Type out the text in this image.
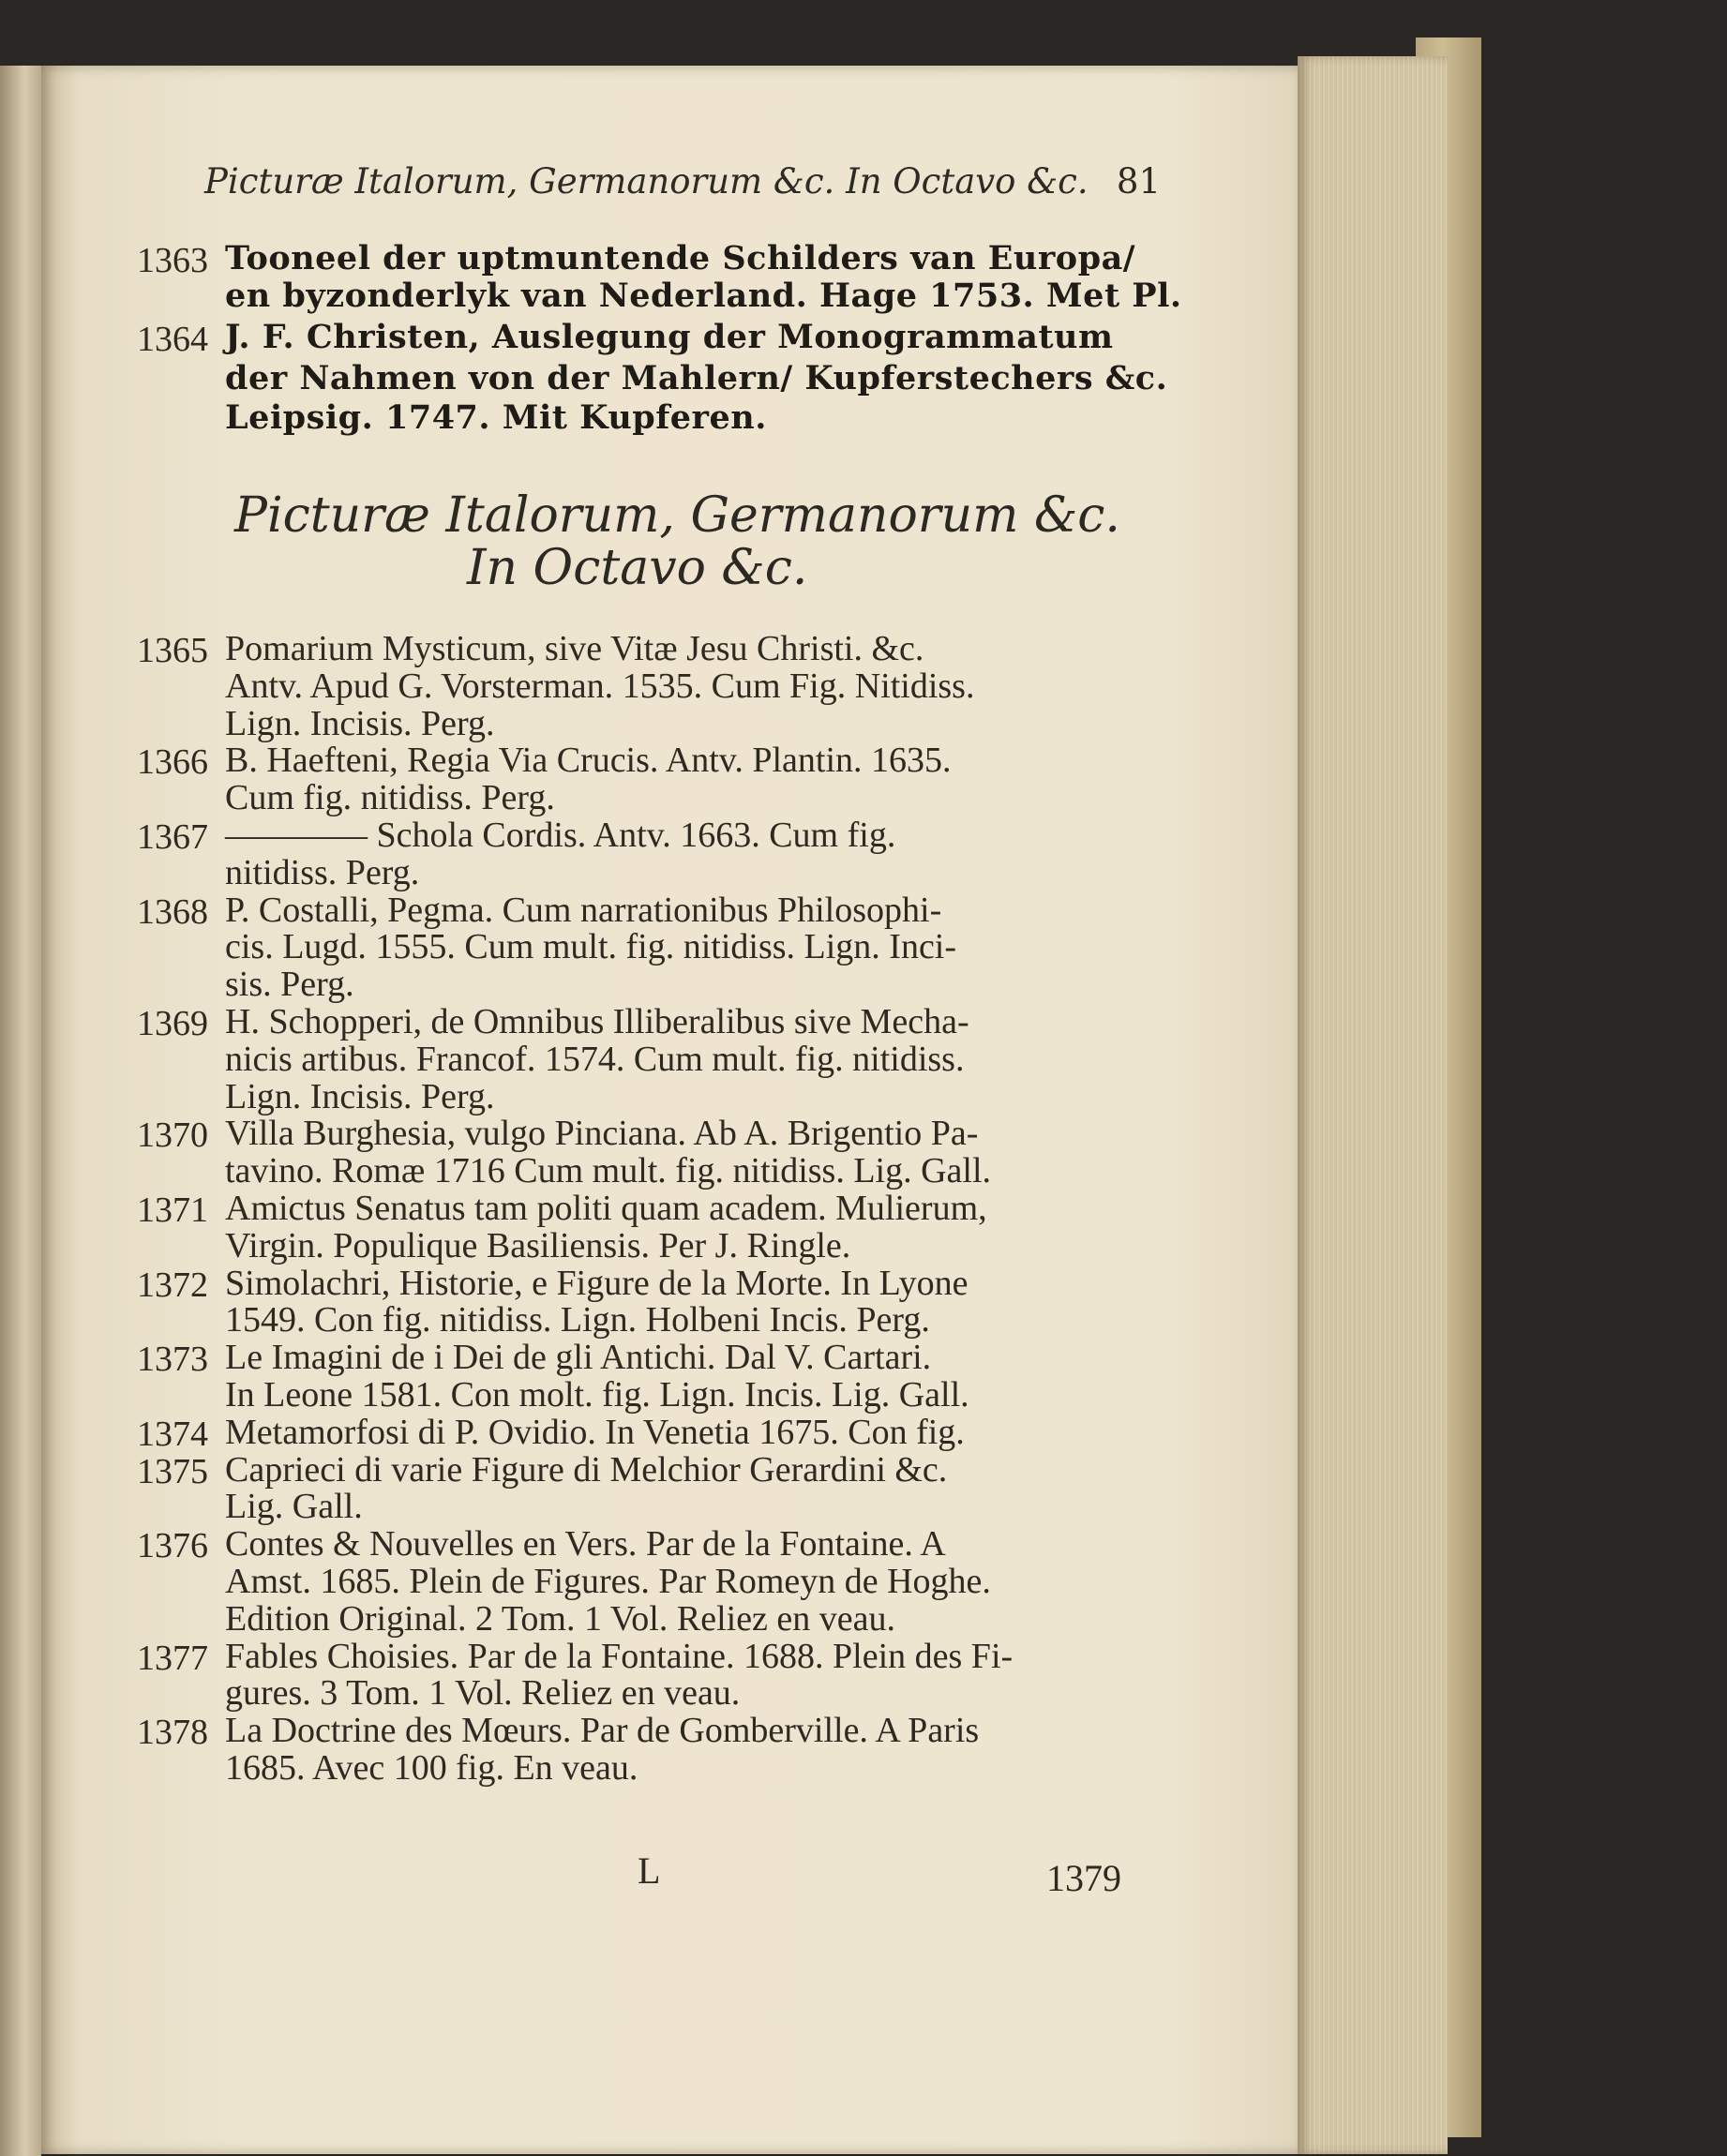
Picturæ Italorum, Germanorum &c. In Octavo &c. 81
1363 Tooneel der uptmuntende Schilders van Europa/
en byzonderlyk van Nederland. Hage 1753. Met Pl.
1364 J. F. Christen, Auslegung der Monogrammatum
der Nahmen von der Mahlern/ Kupferstechers &c.
Leipsig. 1747. Mit Kupferen.
Picturæ Italorum, Germanorum &c.
In Octavo &c.
1365 Pomarium Mysticum, sive Vitæ Jesu Christi. &c.
Antv. Apud G. Vorsterman. 1535. Cum Fig. Nitidiss.
Lign. Incisis. Perg.
1366 B. Haefteni, Regia Via Crucis. Antv. Plantin. 1635.
Cum fig. nitidiss. Perg.
1367 ———— Schola Cordis. Antv. 1663. Cum fig.
nitidiss. Perg.
1368 P. Costalli, Pegma. Cum narrationibus Philosophi-
cis. Lugd. 1555. Cum mult. fig. nitidiss. Lign. Inci-
sis. Perg.
1369 H. Schopperi, de Omnibus Illiberalibus sive Mecha-
nicis artibus. Francof. 1574. Cum mult. fig. nitidiss.
Lign. Incisis. Perg.
1370 Villa Burghesia, vulgo Pinciana. Ab A. Brigentio Pa-
tavino. Romæ 1716 Cum mult. fig. nitidiss. Lig. Gall.
1371 Amictus Senatus tam politi quam academ. Mulierum,
Virgin. Populique Basiliensis. Per J. Ringle.
1372 Simolachri, Historie, e Figure de la Morte. In Lyone
1549. Con fig. nitidiss. Lign. Holbeni Incis. Perg.
1373 Le Imagini de i Dei de gli Antichi. Dal V. Cartari.
In Leone 1581. Con molt. fig. Lign. Incis. Lig. Gall.
1374 Metamorfosi di P. Ovidio. In Venetia 1675. Con fig.
1375 Caprieci di varie Figure di Melchior Gerardini &c.
Lig. Gall.
1376 Contes & Nouvelles en Vers. Par de la Fontaine. A
Amst. 1685. Plein de Figures. Par Romeyn de Hoghe.
Edition Original. 2 Tom. 1 Vol. Reliez en veau.
1377 Fables Choisies. Par de la Fontaine. 1688. Plein des Fi-
gures. 3 Tom. 1 Vol. Reliez en veau.
1378 La Doctrine des Mœurs. Par de Gomberville. A Paris
1685. Avec 100 fig. En veau.
L	1379
